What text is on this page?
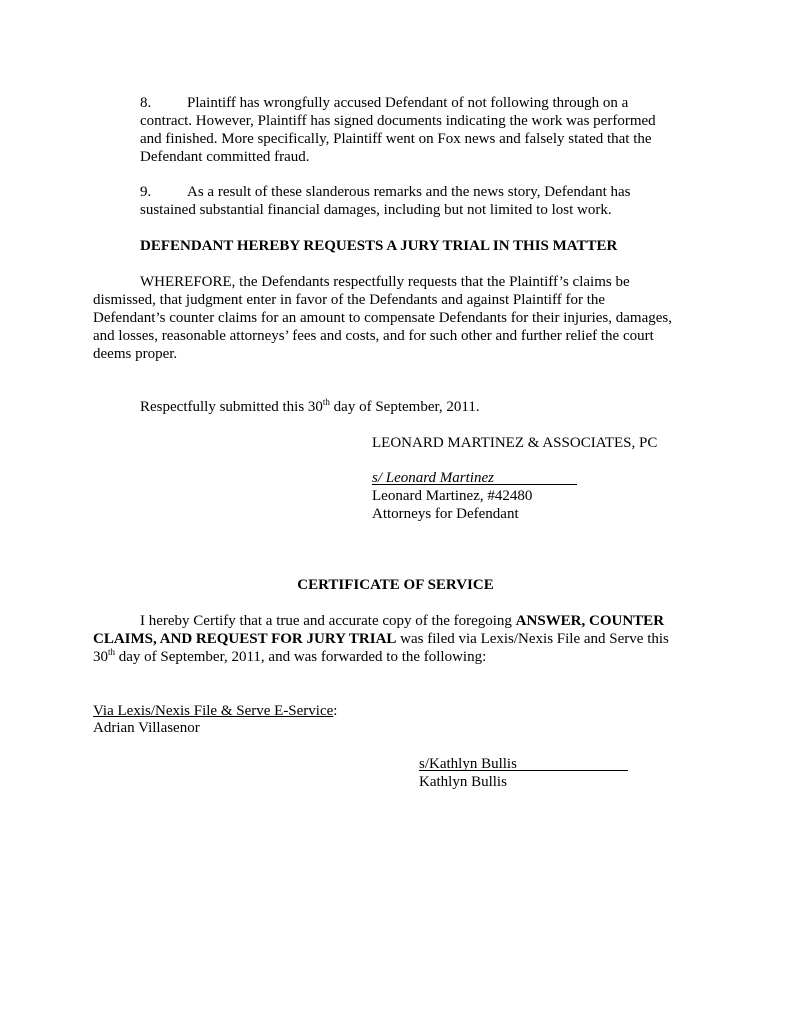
8. Plaintiff has wrongfully accused Defendant of not following through on a
contract. However, Plaintiff has signed documents indicating the work was performed
and finished. More specifically, Plaintiff went on Fox news and falsely stated that the
Defendant committed fraud.
9. As a result of these slanderous remarks and the news story, Defendant has
sustained substantial financial damages, including but not limited to lost work.
DEFENDANT HEREBY REQUESTS A JURY TRIAL IN THIS MATTER
WHEREFORE, the Defendants respectfully requests that the Plaintiff’s claims be
dismissed, that judgment enter in favor of the Defendants and against Plaintiff for the
Defendant’s counter claims for an amount to compensate Defendants for their injuries, damages,
and losses, reasonable attorneys’ fees and costs, and for such other and further relief the court
deems proper.
Respectfully submitted this 30th day of September, 2011.
LEONARD MARTINEZ & ASSOCIATES, PC
s/ Leonard Martinez
Leonard Martinez, #42480
Attorneys for Defendant
CERTIFICATE OF SERVICE
I hereby Certify that a true and accurate copy of the foregoing ANSWER, COUNTER
CLAIMS, AND REQUEST FOR JURY TRIAL was filed via Lexis/Nexis File and Serve this
30th day of September, 2011, and was forwarded to the following:
Via Lexis/Nexis File & Serve E-Service:
Adrian Villasenor
s/Kathlyn Bullis
Kathlyn Bullis
